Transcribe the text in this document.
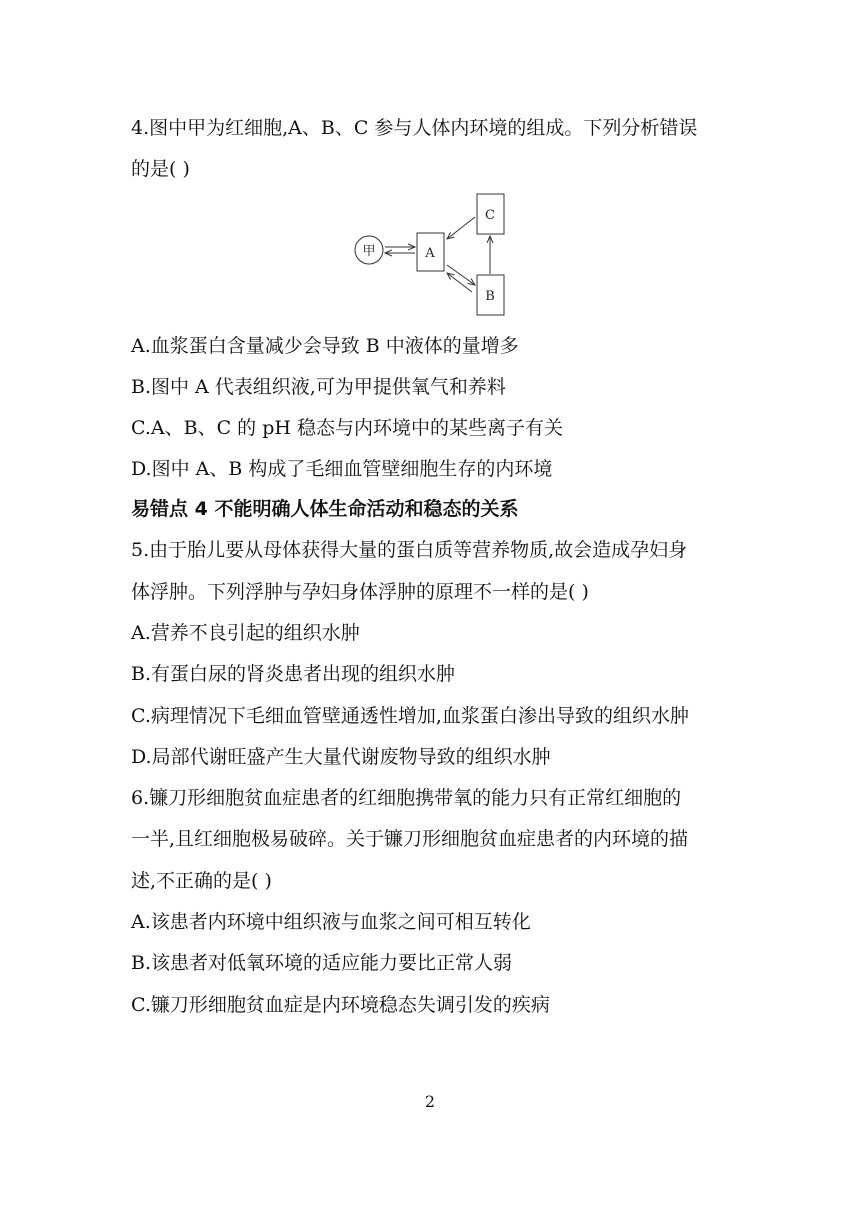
4.图中甲为红细胞,A、B、C 参与人体内环境的组成。下列分析错误
的是( )
甲	A
C
B
A.血浆蛋白含量减少会导致 B 中液体的量增多
B.图中 A 代表组织液,可为甲提供氧气和养料
C.A、B、C 的 pH 稳态与内环境中的某些离子有关
D.图中 A、B 构成了毛细血管壁细胞生存的内环境
易错点 4 不能明确人体生命活动和稳态的关系
5.由于胎儿要从母体获得大量的蛋白质等营养物质,故会造成孕妇身
体浮肿。下列浮肿与孕妇身体浮肿的原理不一样的是( )
A.营养不良引起的组织水肿
B.有蛋白尿的肾炎患者出现的组织水肿
C.病理情况下毛细血管壁通透性增加,血浆蛋白渗出导致的组织水肿
D.局部代谢旺盛产生大量代谢废物导致的组织水肿
6.镰刀形细胞贫血症患者的红细胞携带氧的能力只有正常红细胞的
一半,且红细胞极易破碎。关于镰刀形细胞贫血症患者的内环境的描
述,不正确的是( )
A.该患者内环境中组织液与血浆之间可相互转化
B.该患者对低氧环境的适应能力要比正常人弱
C.镰刀形细胞贫血症是内环境稳态失调引发的疾病
2
